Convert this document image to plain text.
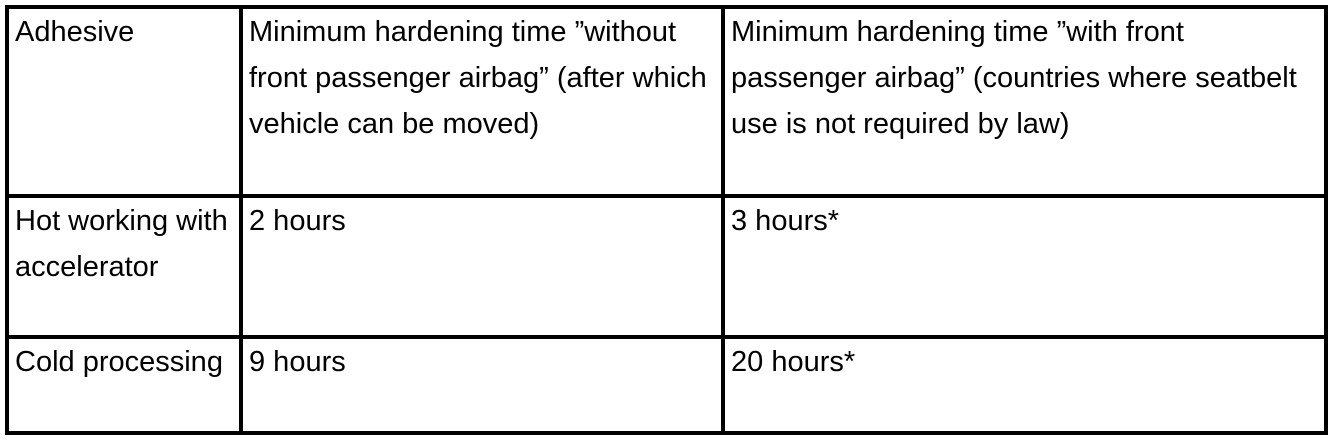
Adhesive	Minimum hardening time ”without front passenger airbag” (after which vehicle can be moved)	Minimum hardening time ”with front passenger airbag” (countries where seatbelt use is not required by law)
Hot working with accelerator	2 hours	3 hours*
Cold processing	9 hours	20 hours*
